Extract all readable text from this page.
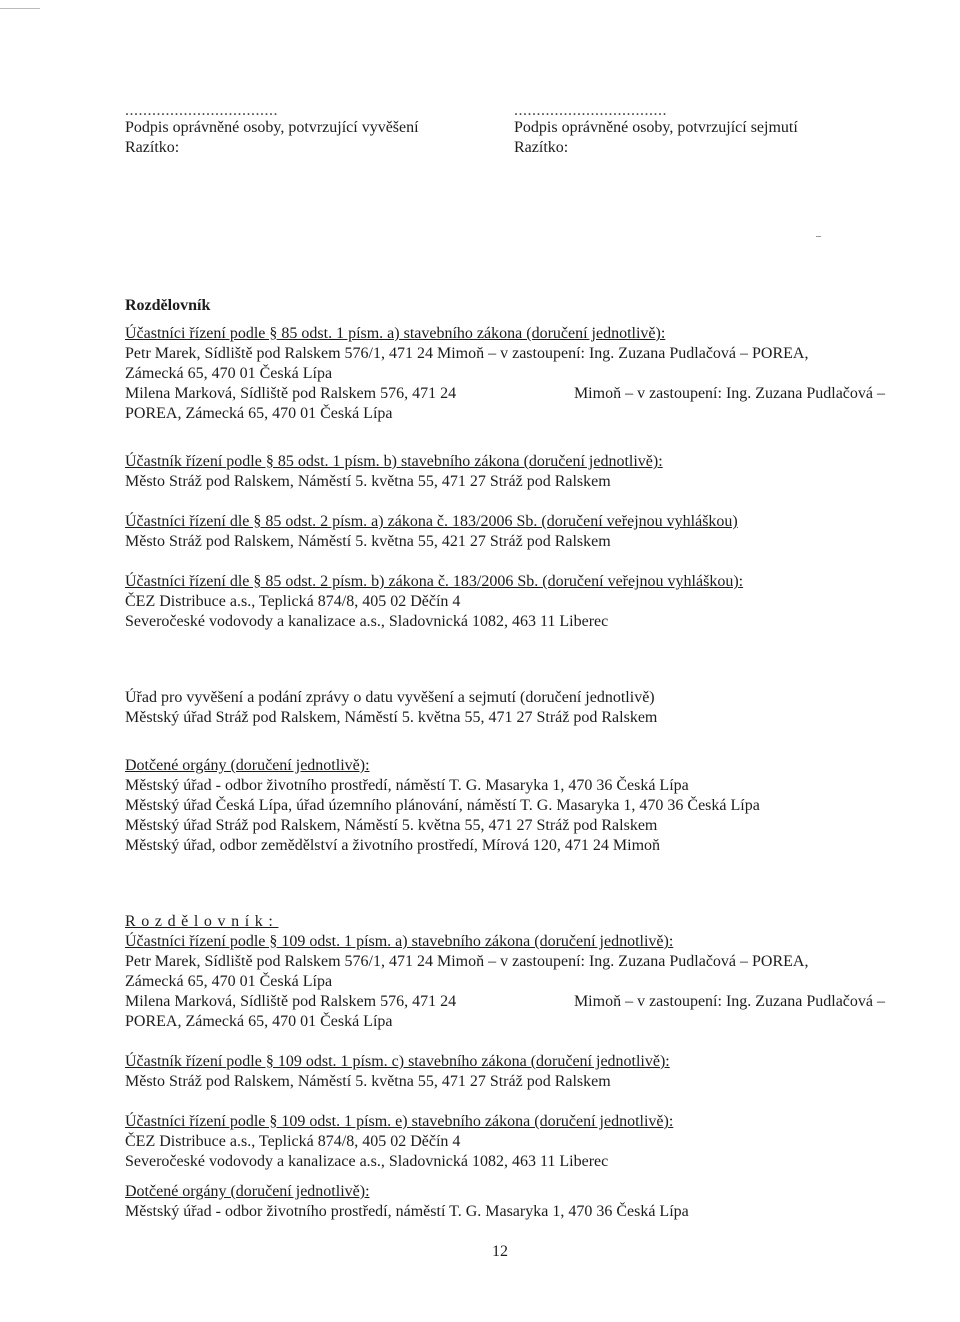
..................................
Podpis oprávněné osoby, potvrzující vyvěšení
Razítko:
..................................
Podpis oprávněné osoby, potvrzující sejmutí
Razítko:
Rozdělovník
Účastníci řízení podle § 85 odst. 1 písm. a) stavebního zákona (doručení jednotlivě):
Petr Marek, Sídliště pod Ralskem 576/1, 471 24 Mimoň – v zastoupení: Ing. Zuzana Pudlačová – POREA,
Zámecká 65, 470 01 Česká Lípa
Milena Marková, Sídliště pod Ralskem 576, 471 24	Mimoň – v zastoupení: Ing. Zuzana Pudlačová –
POREA, Zámecká 65, 470 01 Česká Lípa
Účastník řízení podle § 85 odst. 1 písm. b) stavebního zákona (doručení jednotlivě):
Město Stráž pod Ralskem, Náměstí 5. května 55, 471 27 Stráž pod Ralskem
Účastníci řízení dle § 85 odst. 2 písm. a) zákona č. 183/2006 Sb. (doručení veřejnou vyhláškou)
Město Stráž pod Ralskem, Náměstí 5. května 55, 421 27 Stráž pod Ralskem
Účastníci řízení dle § 85 odst. 2 písm. b) zákona č. 183/2006 Sb. (doručení veřejnou vyhláškou):
ČEZ Distribuce a.s., Teplická 874/8, 405 02 Děčín 4
Severočeské vodovody a kanalizace a.s., Sladovnická 1082, 463 11 Liberec
Úřad pro vyvěšení a podání zprávy o datu vyvěšení a sejmutí (doručení jednotlivě)
Městský úřad Stráž pod Ralskem, Náměstí 5. května 55, 471 27 Stráž pod Ralskem
Dotčené orgány (doručení jednotlivě):
Městský úřad - odbor životního prostředí, náměstí T. G. Masaryka 1, 470 36 Česká Lípa
Městský úřad Česká Lípa, úřad územního plánování, náměstí T. G. Masaryka 1, 470 36 Česká Lípa
Městský úřad Stráž pod Ralskem, Náměstí 5. května 55, 471 27 Stráž pod Ralskem
Městský úřad, odbor zemědělství a životního prostředí, Mírová 120, 471 24 Mimoň
Rozdělovník:
Účastníci řízení podle § 109 odst. 1 písm. a) stavebního zákona (doručení jednotlivě):
Petr Marek, Sídliště pod Ralskem 576/1, 471 24 Mimoň – v zastoupení: Ing. Zuzana Pudlačová – POREA,
Zámecká 65, 470 01 Česká Lípa
Milena Marková, Sídliště pod Ralskem 576, 471 24	Mimoň – v zastoupení: Ing. Zuzana Pudlačová –
POREA, Zámecká 65, 470 01 Česká Lípa
Účastník řízení podle § 109 odst. 1 písm. c) stavebního zákona (doručení jednotlivě):
Město Stráž pod Ralskem, Náměstí 5. května 55, 471 27 Stráž pod Ralskem
Účastníci řízení podle § 109 odst. 1 písm. e) stavebního zákona (doručení jednotlivě):
ČEZ Distribuce a.s., Teplická 874/8, 405 02 Děčín 4
Severočeské vodovody a kanalizace a.s., Sladovnická 1082, 463 11 Liberec
Dotčené orgány (doručení jednotlivě):
Městský úřad - odbor životního prostředí, náměstí T. G. Masaryka 1, 470 36 Česká Lípa
12
